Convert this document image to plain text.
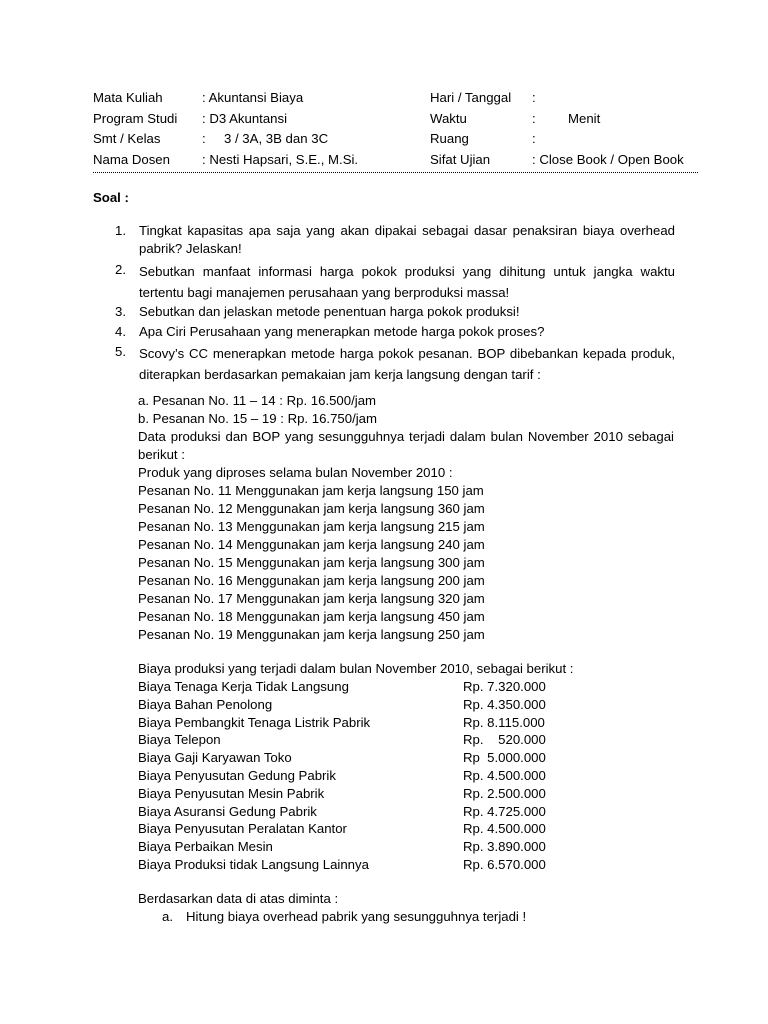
Mata Kuliah	: Akuntansi Biaya	Hari / Tanggal :
Program Studi : D3 Akuntansi	Waktu	: Menit
Smt / Kelas	:     3 / 3A, 3B dan 3C	Ruang	:
Nama Dosen : Nesti Hapsari, S.E., M.Si.	Sifat Ujian	: Close Book / Open Book
Soal :
1. Tingkat kapasitas apa saja yang akan dipakai sebagai dasar penaksiran biaya overhead pabrik? Jelaskan!
2. Sebutkan manfaat informasi harga pokok produksi yang dihitung untuk jangka waktu tertentu bagi manajemen perusahaan yang berproduksi massa!
3. Sebutkan dan jelaskan metode penentuan harga pokok produksi!
4. Apa Ciri Perusahaan yang menerapkan metode harga pokok proses?
5. Scovy’s CC menerapkan metode harga pokok pesanan. BOP dibebankan kepada produk, diterapkan berdasarkan pemakaian jam kerja langsung dengan tarif :
a. Pesanan No. 11 – 14 : Rp. 16.500/jam
b. Pesanan No. 15 – 19 : Rp. 16.750/jam
Data produksi dan BOP yang sesungguhnya terjadi dalam bulan November 2010 sebagai berikut :
Produk yang diproses selama bulan November 2010 :
Pesanan No. 11 Menggunakan jam kerja langsung 150 jam
Pesanan No. 12 Menggunakan jam kerja langsung 360 jam
Pesanan No. 13 Menggunakan jam kerja langsung 215 jam
Pesanan No. 14 Menggunakan jam kerja langsung 240 jam
Pesanan No. 15 Menggunakan jam kerja langsung 300 jam
Pesanan No. 16 Menggunakan jam kerja langsung 200 jam
Pesanan No. 17 Menggunakan jam kerja langsung 320 jam
Pesanan No. 18 Menggunakan jam kerja langsung 450 jam
Pesanan No. 19 Menggunakan jam kerja langsung 250 jam
Biaya produksi yang terjadi dalam bulan November 2010, sebagai berikut :
Biaya Tenaga Kerja Tidak Langsung	Rp. 7.320.000
Biaya Bahan Penolong	Rp. 4.350.000
Biaya Pembangkit Tenaga Listrik Pabrik	Rp. 8.115.000
Biaya Telepon	Rp.    520.000
Biaya Gaji Karyawan Toko	Rp  5.000.000
Biaya Penyusutan Gedung Pabrik	Rp. 4.500.000
Biaya Penyusutan Mesin Pabrik	Rp. 2.500.000
Biaya Asuransi Gedung Pabrik	Rp. 4.725.000
Biaya Penyusutan Peralatan Kantor	Rp. 4.500.000
Biaya Perbaikan Mesin	Rp. 3.890.000
Biaya Produksi tidak Langsung Lainnya	Rp. 6.570.000
Berdasarkan data di atas diminta :
a. Hitung biaya overhead pabrik yang sesungguhnya terjadi !
